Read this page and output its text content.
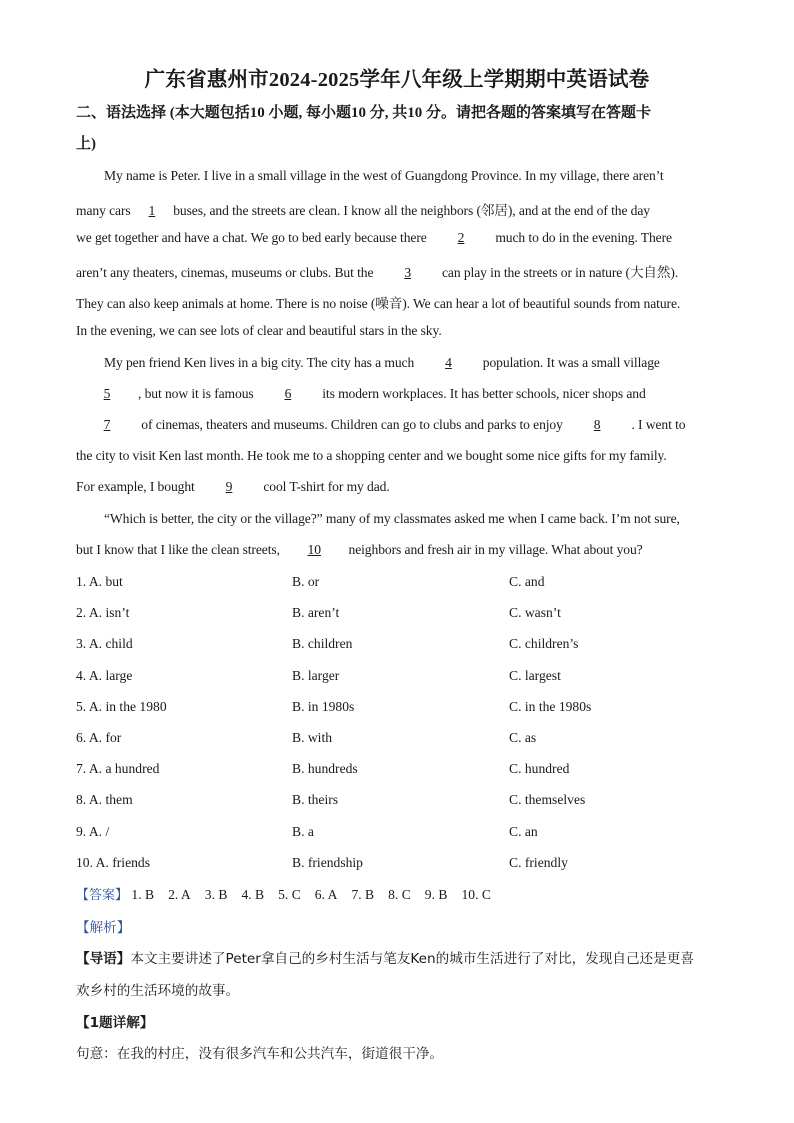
广东省惠州市2024-2025学年八年级上学期期中英语试卷
二、语法选择 (本大题包括10 小题, 每小题10 分, 共10 分。请把各题的答案填写在答题卡
上)
My name is Peter. I live in a small village in the west of Guangdong Province. In my village, there aren’t
many cars 1 buses, and the streets are clean. I know all the neighbors (邻居), and at the end of the day
we get together and have a chat. We go to bed early because there 2 much to do in the evening. There
aren’t any theaters, cinemas, museums or clubs. But the 3 can play in the streets or in nature (大自然).
They can also keep animals at home. There is no noise (噪音). We can hear a lot of beautiful sounds from nature.
In the evening, we can see lots of clear and beautiful stars in the sky.
My pen friend Ken lives in a big city. The city has a much 4 population. It was a small village
5 , but now it is famous 6 its modern workplaces. It has better schools, nicer shops and
7 of cinemas, theaters and museums. Children can go to clubs and parks to enjoy 8 . I went to
the city to visit Ken last month. He took me to a shopping center and we bought some nice gifts for my family.
For example, I bought 9 cool T-shirt for my dad.
“Which is better, the city or the village?” many of my classmates asked me when I came back. I’m not sure,
but I know that I like the clean streets, 10 neighbors and fresh air in my village. What about you?
1. A. but	B. or	C. and
2. A. isn’t	B. aren’t	C. wasn’t
3. A. child	B. children	C. children’s
4. A. large	B. larger	C. largest
5. A. in the 1980	B. in 1980s	C. in the 1980s
6. A. for	B. with	C. as
7. A. a hundred	B. hundreds	C. hundred
8. A. them	B. theirs	C. themselves
9. A. /	B. a	C. an
10. A. friends	B. friendship	C. friendly
【答案】 1. B 2. A 3. B 4. B 5. C 6. A 7. B 8. C 9. B 10. C
【解析】
【导语】本文主要讲述了Peter拿自己的乡村生活与笔友Ken的城市生活进行了对比，发现自己还是更喜
欢乡村的生活环境的故事。
【1题详解】
句意：在我的村庄，没有很多汽车和公共汽车，街道很干净。
